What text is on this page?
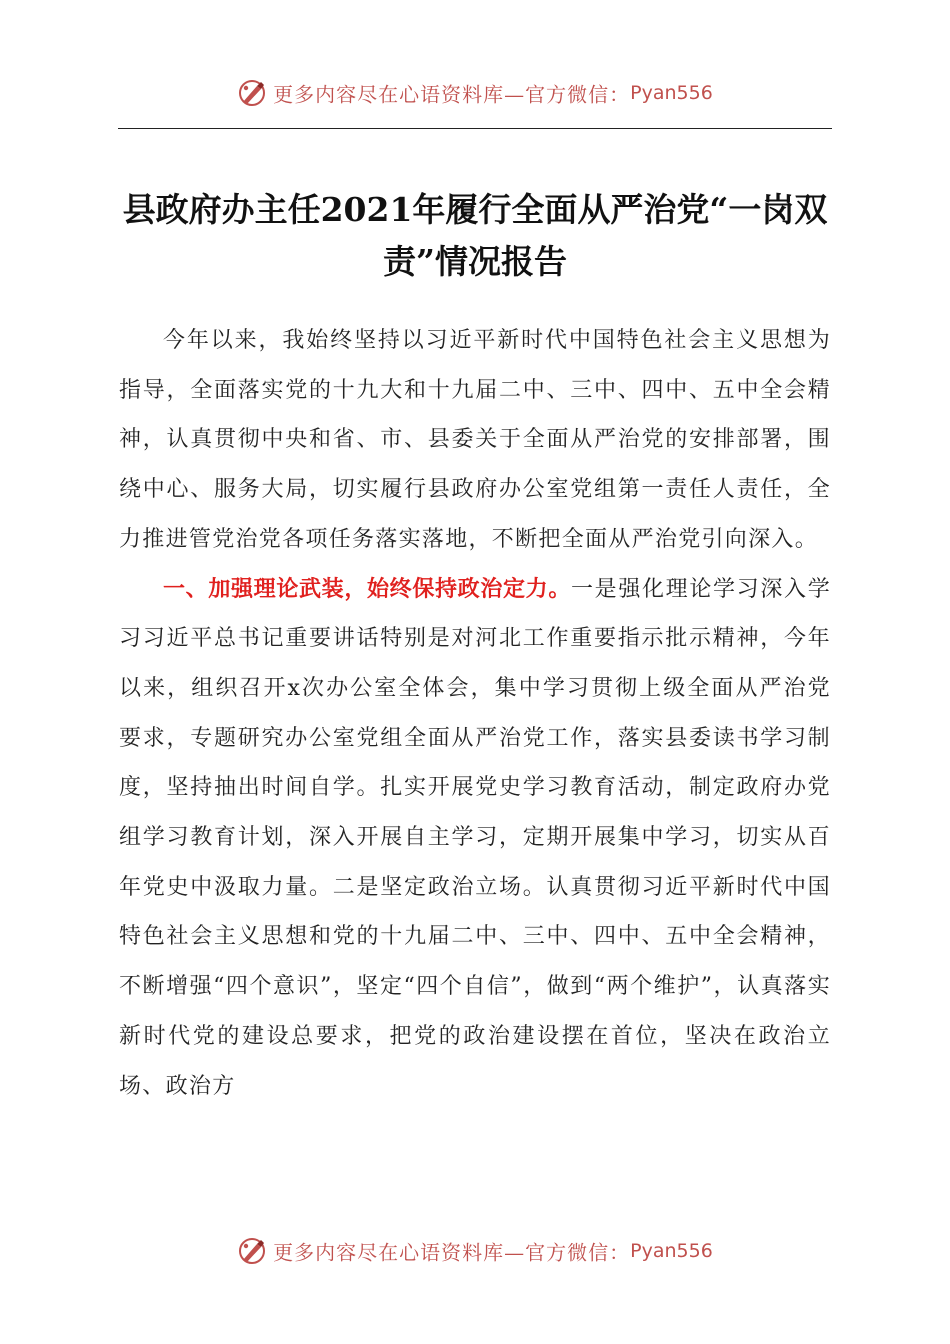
更多内容尽在心语资料库—官方微信：Pyan556
县政府办主任2021年履行全面从严治党“一岗双责”情况报告

今年以来，我始终坚持以习近平新时代中国特色社会主义思想为指导，全面落实党的十九大和十九届二中、三中、四中、五中全会精神，认真贯彻中央和省、市、县委关于全面从严治党的安排部署，围绕中心、服务大局，切实履行县政府办公室党组第一责任人责任，全力推进管党治党各项任务落实落地，不断把全面从严治党引向深入。

一、加强理论武装，始终保持政治定力。一是强化理论学习深入学习习近平总书记重要讲话特别是对河北工作重要指示批示精神，今年以来，组织召开x次办公室全体会，集中学习贯彻上级全面从严治党要求，专题研究办公室党组全面从严治党工作，落实县委读书学习制度，坚持抽出时间自学。扎实开展党史学习教育活动，制定政府办党组学习教育计划，深入开展自主学习，定期开展集中学习，切实从百年党史中汲取力量。二是坚定政治立场。认真贯彻习近平新时代中国特色社会主义思想和党的十九届二中、三中、四中、五中全会精神，不断增强“四个意识”，坚定“四个自信”，做到“两个维护”，认真落实新时代党的建设总要求，把党的政治建设摆在首位，坚决在政治立场、政治方

更多内容尽在心语资料库—官方微信：Pyan556
